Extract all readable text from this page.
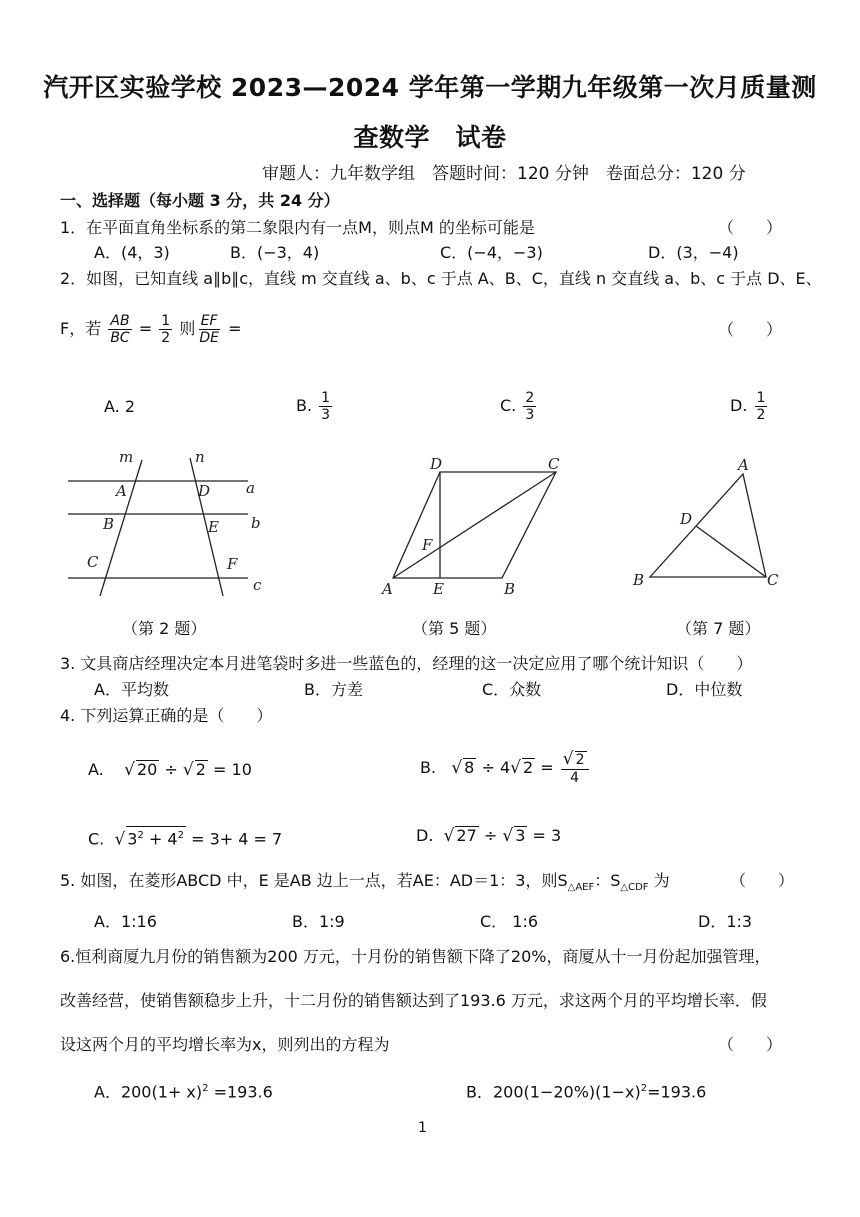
汽开区实验学校 2023—2024 学年第一学期九年级第一次月质量测
查数学　试卷
审题人：九年数学组　答题时间：120 分钟　卷面总分：120 分
一、选择题（每小题 3 分，共 24 分）
1．在平面直角坐标系的第二象限内有一点M，则点M 的坐标可能是	（　　）
A．(4，3)	B．(−3，4)	C．(−4，−3)	D．(3，−4)
2．如图，已知直线 a∥b∥c，直线 m 交直线 a、b、c 于点 A、B、C，直线 n 交直线 a、b、c 于点 D、E、
F，若 $\frac{AB}{BC} = \frac{1}{2}$ 则 $\frac{EF}{DE}$ =	（　　）
A. 2	B. $\frac{1}{3}$	C. $\frac{2}{3}$	D. $\frac{1}{2}$
m	n
A	D a
B	E b
C	F
c
D	C
F
A	E	B
A
D
B	C
（第 2 题）	（第 5 题）	（第 7 题）
3. 文具商店经理决定本月进笔袋时多进一些蓝色的，经理的这一决定应用了哪个统计知识（　　）
A．平均数	B．方差	C．众数	D．中位数
4. 下列运算正确的是（　　）
A. √ 20 ÷ √ 2 = 10	B. √ 8 ÷ 4√ $2 = \frac{√ 2}{4}$
C. √ $3^2 + 4^2 = 3+ 4 = 7$	D. √ 27 ÷ √ 3 = 3
5. 如图，在菱形ABCD 中，E 是AB 边上一点，若AE：AD＝1：3，则$S_{\triangle AEF}$：$S_{\triangle CDF}$ 为	（　　）
A．1:16	B．1:9	C． 1:6	D．1:3
6.恒利商厦九月份的销售额为200 万元，十月份的销售额下降了20%，商厦从十一月份起加强管理，
改善经营，使销售额稳步上升，十二月份的销售额达到了193.6 万元，求这两个月的平均增长率．假
设这两个月的平均增长率为x，则列出的方程为	（　　）
A．$200(1+ x)^2 =193.6$	B．$200(1-20\%)(1-x)^2=193.6$
1
